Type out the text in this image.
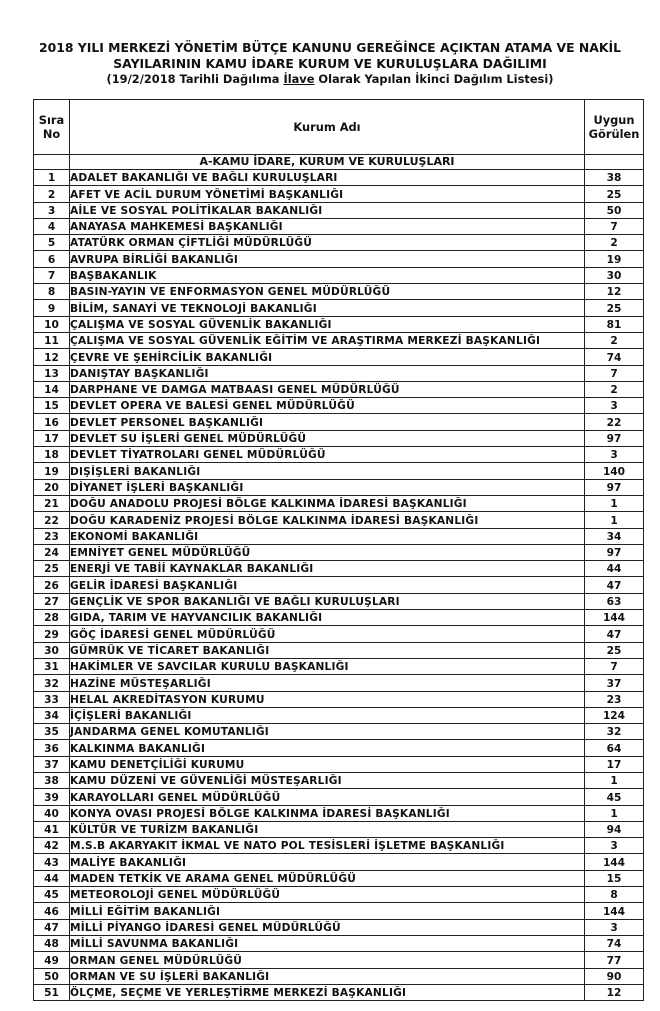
2018 YILI MERKEZİ YÖNETİM BÜTÇE KANUNU GEREĞİNCE AÇIKTAN ATAMA VE NAKİL
SAYILARININ KAMU İDARE KURUM VE KURULUŞLARA DAĞILIMI
(19/2/2018 Tarihli Dağılıma İlave Olarak Yapılan İkinci Dağılım Listesi)
Sıra No	Kurum Adı	Uygun Görülen
	A-KAMU İDARE, KURUM VE KURULUŞLARI	
1	ADALET BAKANLIĞI VE BAĞLI KURULUŞLARI	38
2	AFET VE ACİL DURUM YÖNETİMİ BAŞKANLIĞI	25
3	AİLE VE SOSYAL POLİTİKALAR BAKANLIĞI	50
4	ANAYASA MAHKEMESİ BAŞKANLIĞI	7
5	ATATÜRK ORMAN ÇİFTLİĞİ MÜDÜRLÜĞÜ	2
6	AVRUPA BİRLİĞİ BAKANLIĞI	19
7	BAŞBAKANLIK	30
8	BASIN-YAYIN VE ENFORMASYON GENEL MÜDÜRLÜĞÜ	12
9	BİLİM, SANAYİ VE TEKNOLOJİ BAKANLIĞI	25
10	ÇALIŞMA VE SOSYAL GÜVENLİK BAKANLIĞI	81
11	ÇALIŞMA VE SOSYAL GÜVENLİK EĞİTİM VE ARAŞTIRMA MERKEZİ BAŞKANLIĞI	2
12	ÇEVRE VE ŞEHİRCİLİK BAKANLIĞI	74
13	DANIŞTAY BAŞKANLIĞI	7
14	DARPHANE VE DAMGA MATBAASI GENEL MÜDÜRLÜĞÜ	2
15	DEVLET OPERA VE BALESİ GENEL MÜDÜRLÜĞÜ	3
16	DEVLET PERSONEL BAŞKANLIĞI	22
17	DEVLET SU İŞLERİ GENEL MÜDÜRLÜĞÜ	97
18	DEVLET TİYATROLARI GENEL MÜDÜRLÜĞÜ	3
19	DIŞİŞLERİ BAKANLIĞI	140
20	DİYANET İŞLERİ BAŞKANLIĞI	97
21	DOĞU ANADOLU PROJESİ BÖLGE KALKINMA İDARESİ BAŞKANLIĞI	1
22	DOĞU KARADENİZ PROJESİ BÖLGE KALKINMA İDARESİ BAŞKANLIĞI	1
23	EKONOMİ BAKANLIĞI	34
24	EMNİYET GENEL MÜDÜRLÜĞÜ	97
25	ENERJİ VE TABİİ KAYNAKLAR BAKANLIĞI	44
26	GELİR İDARESİ BAŞKANLIĞI	47
27	GENÇLİK VE SPOR BAKANLIĞI VE BAĞLI KURULUŞLARI	63
28	GIDA, TARIM VE HAYVANCILIK BAKANLIĞI	144
29	GÖÇ İDARESİ GENEL MÜDÜRLÜĞÜ	47
30	GÜMRÜK VE TİCARET BAKANLIĞI	25
31	HAKİMLER VE SAVCILAR KURULU BAŞKANLIĞI	7
32	HAZİNE MÜSTEŞARLIĞI	37
33	HELAL AKREDİTASYON KURUMU	23
34	İÇİŞLERİ BAKANLIĞI	124
35	JANDARMA GENEL KOMUTANLIĞI	32
36	KALKINMA BAKANLIĞI	64
37	KAMU DENETÇİLİĞİ KURUMU	17
38	KAMU DÜZENİ VE GÜVENLİĞİ MÜSTEŞARLIĞI	1
39	KARAYOLLARI GENEL MÜDÜRLÜĞÜ	45
40	KONYA OVASI PROJESİ BÖLGE KALKINMA İDARESİ BAŞKANLIĞI	1
41	KÜLTÜR VE TURİZM BAKANLIĞI	94
42	M.S.B AKARYAKIT İKMAL VE NATO POL TESİSLERİ İŞLETME BAŞKANLIĞI	3
43	MALİYE BAKANLIĞI	144
44	MADEN TETKİK VE ARAMA GENEL MÜDÜRLÜĞÜ	15
45	METEOROLOJİ GENEL MÜDÜRLÜĞÜ	8
46	MİLLİ EĞİTİM BAKANLIĞI	144
47	MİLLİ PİYANGO İDARESİ GENEL MÜDÜRLÜĞÜ	3
48	MİLLİ SAVUNMA BAKANLIĞI	74
49	ORMAN GENEL MÜDÜRLÜĞÜ	77
50	ORMAN VE SU İŞLERİ BAKANLIĞI	90
51	ÖLÇME, SEÇME VE YERLEŞTİRME MERKEZİ BAŞKANLIĞI	12
